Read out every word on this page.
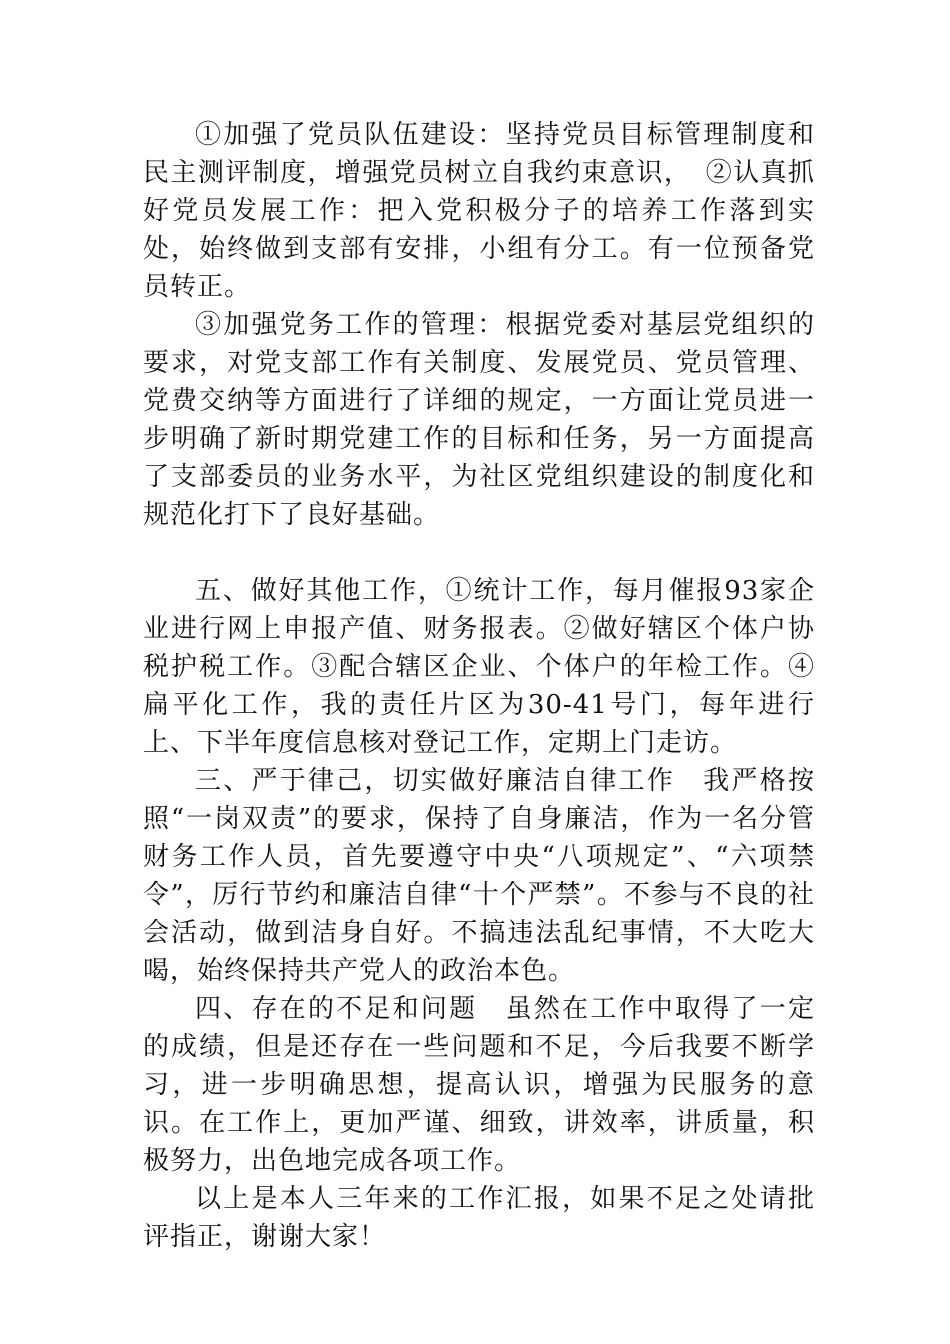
①加强了党员队伍建设：坚持党员目标管理制度和民主测评制度，增强党员树立自我约束意识，　②认真抓好党员发展工作：把入党积极分子的培养工作落到实处，始终做到支部有安排，小组有分工。有一位预备党员转正。

③加强党务工作的管理：根据党委对基层党组织的要求，对党支部工作有关制度、发展党员、党员管理、党费交纳等方面进行了详细的规定，一方面让党员进一步明确了新时期党建工作的目标和任务，另一方面提高了支部委员的业务水平，为社区党组织建设的制度化和规范化打下了良好基础。

五、做好其他工作，①统计工作，每月催报93家企业进行网上申报产值、财务报表。②做好辖区个体户协税护税工作。③配合辖区企业、个体户的年检工作。④扁平化工作，我的责任片区为30-41号门，每年进行上、下半年度信息核对登记工作，定期上门走访。

三、严于律己，切实做好廉洁自律工作　我严格按照“一岗双责”的要求，保持了自身廉洁，作为一名分管财务工作人员，首先要遵守中央“八项规定”、“六项禁令”，厉行节约和廉洁自律“十个严禁”。不参与不良的社会活动，做到洁身自好。不搞违法乱纪事情，不大吃大喝，始终保持共产党人的政治本色。

四、存在的不足和问题　虽然在工作中取得了一定的成绩，但是还存在一些问题和不足，今后我要不断学习，进一步明确思想，提高认识，增强为民服务的意识。在工作上，更加严谨、细致，讲效率，讲质量，积极努力，出色地完成各项工作。

以上是本人三年来的工作汇报，如果不足之处请批评指正，谢谢大家！
